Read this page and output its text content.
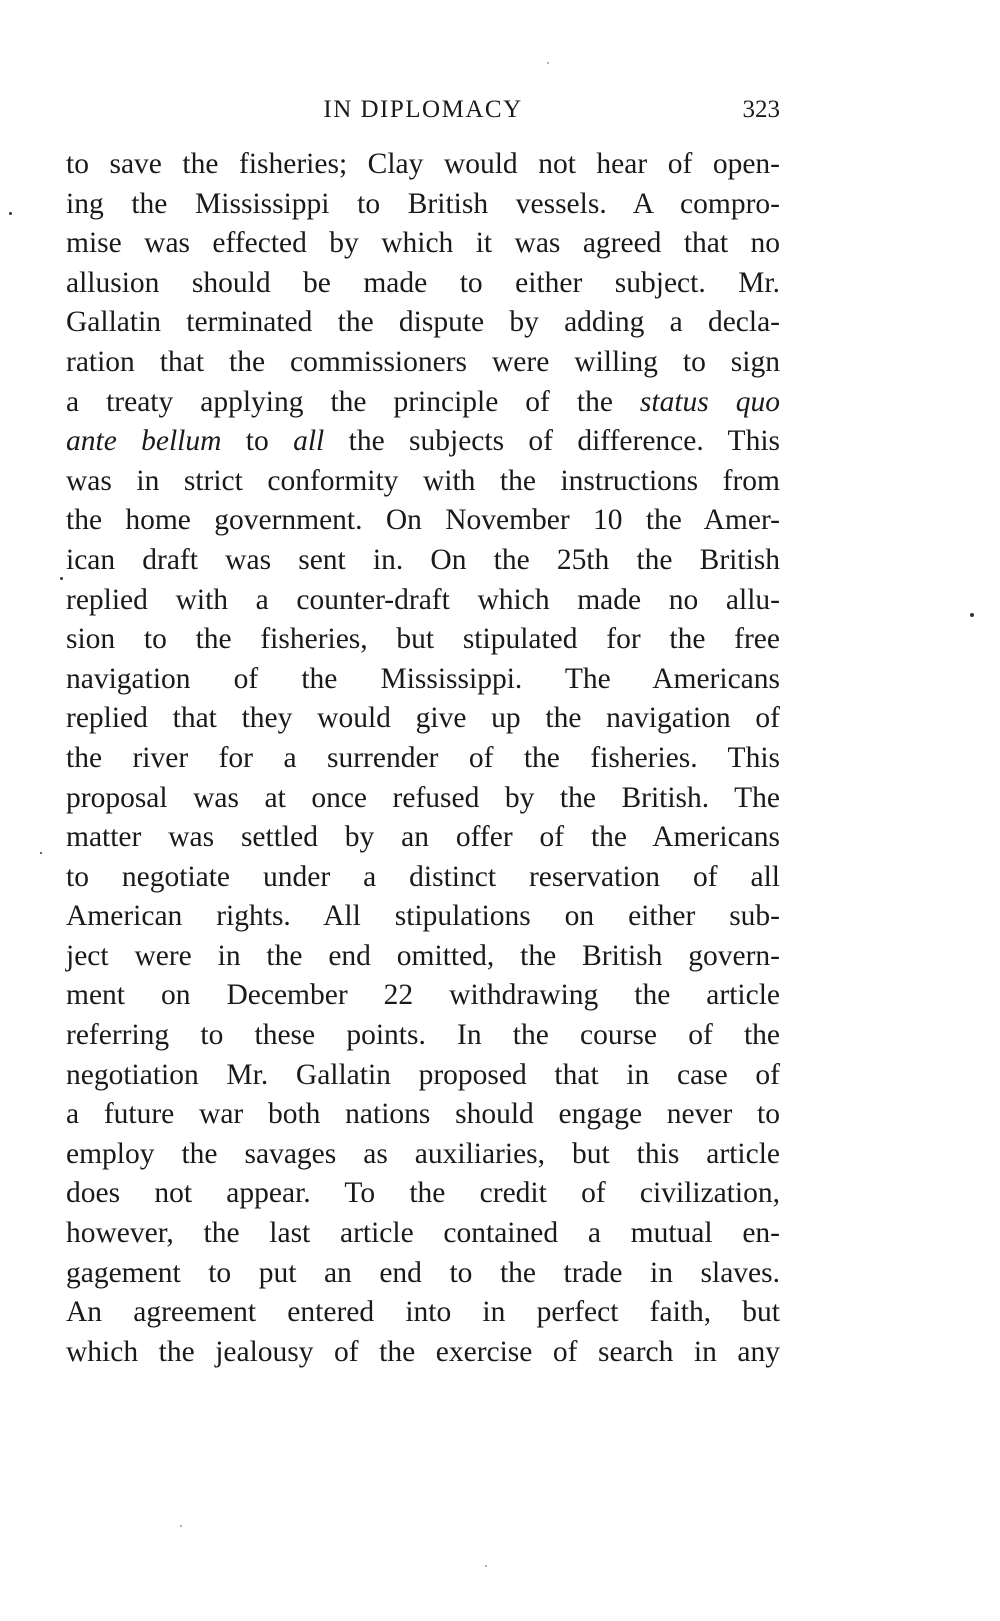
IN DIPLOMACY	323
to save the fisheries; Clay would not hear of open-
ing the Mississippi to British vessels. A compro-
mise was effected by which it was agreed that no
allusion should be made to either subject. Mr.
Gallatin terminated the dispute by adding a decla-
ration that the commissioners were willing to sign
a treaty applying the principle of the status quo
ante bellum to all the subjects of difference. This
was in strict conformity with the instructions from
the home government. On November 10 the Amer-
ican draft was sent in. On the 25th the British
replied with a counter-draft which made no allu-
sion to the fisheries, but stipulated for the free
navigation of the Mississippi. The Americans
replied that they would give up the navigation of
the river for a surrender of the fisheries. This
proposal was at once refused by the British. The
matter was settled by an offer of the Americans
to negotiate under a distinct reservation of all
American rights. All stipulations on either sub-
ject were in the end omitted, the British govern-
ment on December 22 withdrawing the article
referring to these points. In the course of the
negotiation Mr. Gallatin proposed that in case of
a future war both nations should engage never to
employ the savages as auxiliaries, but this article
does not appear. To the credit of civilization,
however, the last article contained a mutual en-
gagement to put an end to the trade in slaves.
An agreement entered into in perfect faith, but
which the jealousy of the exercise of search in any
